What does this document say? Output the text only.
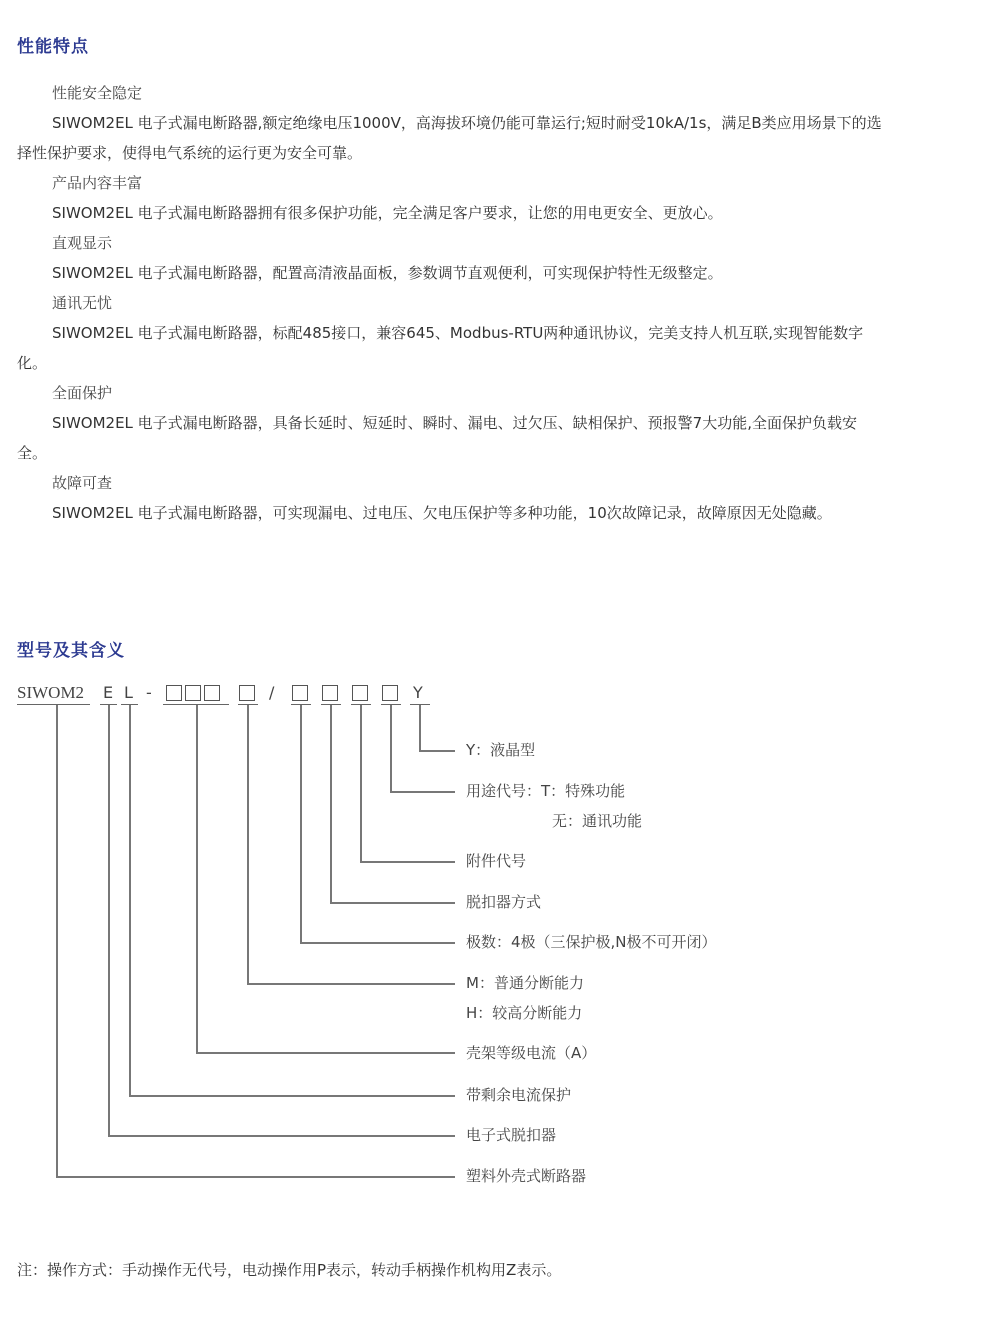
性能特点
性能安全隐定
SIWOM2EL 电子式漏电断路器,额定绝缘电压1000V，高海拔环境仍能可靠运行;短时耐受10kA/1s，满足B类应用场景下的选
择性保护要求，使得电气系统的运行更为安全可靠。
产品内容丰富
SIWOM2EL 电子式漏电断路器拥有很多保护功能，完全满足客户要求，让您的用电更安全、更放心。
直观显示
SIWOM2EL 电子式漏电断路器，配置高清液晶面板，参数调节直观便利，可实现保护特性无级整定。
通讯无忧
SIWOM2EL 电子式漏电断路器，标配485接口，兼容645、Modbus-RTU两种通讯协议，完美支持人机互联,实现智能数字
化。
全面保护
SIWOM2EL 电子式漏电断路器，具备长延时、短延时、瞬时、漏电、过欠压、缺相保护、预报警7大功能,全面保护负载安
全。
故障可查
SIWOM2EL 电子式漏电断路器，可实现漏电、过电压、欠电压保护等多种功能，10次故障记录，故障原因无处隐藏。
型号及其含义
SIWOM2 E L -	/	Y
Y：液晶型
用途代号：T：特殊功能
无：通讯功能
附件代号
脱扣器方式
极数：4极（三保护极,N极不可开闭）
M：普通分断能力
H：较高分断能力
壳架等级电流（A）
带剩余电流保护
电子式脱扣器
塑料外壳式断路器
注：操作方式：手动操作无代号，电动操作用P表示，转动手柄操作机构用Z表示。
